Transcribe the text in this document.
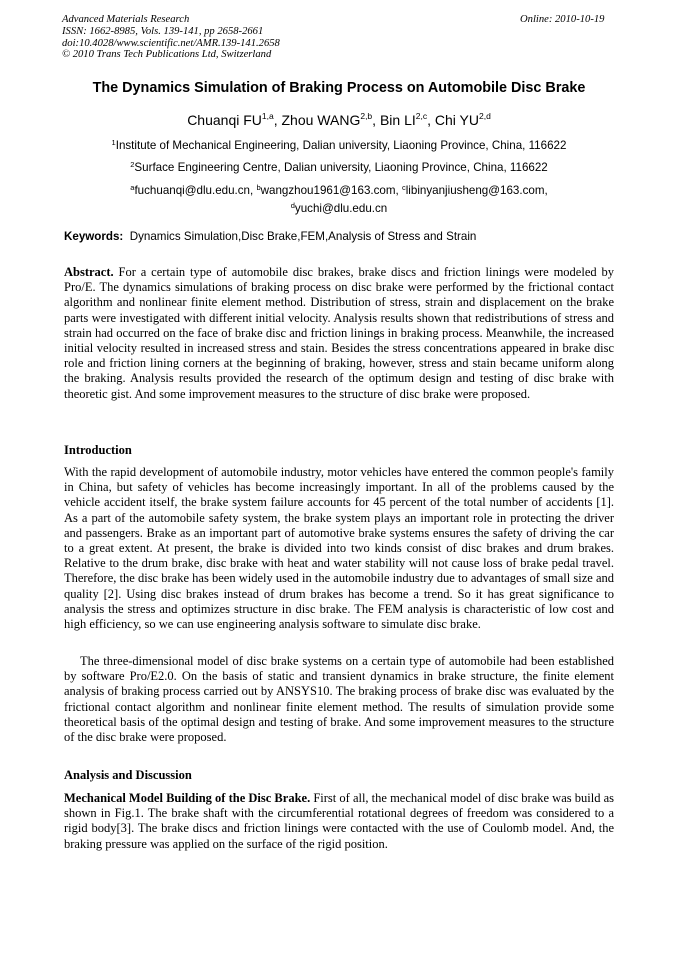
Advanced Materials Research
ISSN: 1662-8985, Vols. 139-141, pp 2658-2661
doi:10.4028/www.scientific.net/AMR.139-141.2658
© 2010 Trans Tech Publications Ltd, Switzerland
Online: 2010-10-19
The Dynamics Simulation of Braking Process on Automobile Disc Brake
Chuanqi FU$^{1,a}$, Zhou WANG$^{2,b}$, Bin LI$^{2,c}$, Chi YU$^{2,d}$
$^1$Institute of Mechanical Engineering, Dalian university, Liaoning Province, China, 116622
$^2$Surface Engineering Centre, Dalian university, Liaoning Province, China, 116622
$^a$fuchuanqi@dlu.edu.cn, $^b$wangzhou1961@163.com, $^c$libinyanjiusheng@163.com,
$^d$yuchi@dlu.edu.cn
Keywords: Dynamics Simulation,Disc Brake,FEM,Analysis of Stress and Strain
Abstract. For a certain type of automobile disc brakes, brake discs and friction linings were modeled by Pro/E. The dynamics simulations of braking process on disc brake were performed by the frictional contact algorithm and nonlinear finite element method. Distribution of stress, strain and displacement on the brake parts were investigated with different initial velocity. Analysis results shown that redistributions of stress and strain had occurred on the face of brake disc and friction linings in braking process. Meanwhile, the increased initial velocity resulted in increased stress and stain. Besides the stress concentrations appeared in brake disc role and friction lining corners at the beginning of braking, however, stress and stain became uniform along the braking. Analysis results provided the research of the optimum design and testing of disc brake with theoretic gist. And some improvement measures to the structure of disc brake were proposed.
Introduction
With the rapid development of automobile industry, motor vehicles have entered the common people's family in China, but safety of vehicles has become increasingly important. In all of the problems caused by the vehicle accident itself, the brake system failure accounts for 45 percent of the total number of accidents [1]. As a part of the automobile safety system, the brake system plays an important role in protecting the driver and passengers. Brake as an important part of automotive brake systems ensures the safety of driving the car to a great extent. At present, the brake is divided into two kinds consist of disc brakes and drum brakes. Relative to the drum brake, disc brake with heat and water stability will not cause loss of brake pedal travel. Therefore, the disc brake has been widely used in the automobile industry due to advantages of small size and quality [2]. Using disc brakes instead of drum brakes has become a trend. So it has great significance to analysis the stress and optimizes structure in disc brake. The FEM analysis is characteristic of low cost and high efficiency, so we can use engineering analysis software to simulate disc brake.
The three-dimensional model of disc brake systems on a certain type of automobile had been established by software Pro/E2.0. On the basis of static and transient dynamics in brake structure, the finite element analysis of braking process carried out by ANSYS10. The braking process of brake disc was evaluated by the frictional contact algorithm and nonlinear finite element method. The results of simulation provide some theoretical basis of the optimal design and testing of brake. And some improvement measures to the structure of the disc brake were proposed.
Analysis and Discussion
Mechanical Model Building of the Disc Brake. First of all, the mechanical model of disc brake was build as shown in Fig.1. The brake shaft with the circumferential rotational degrees of freedom was considered to a rigid body[3]. The brake discs and friction linings were contacted with the use of Coulomb model. And, the braking pressure was applied on the surface of the rigid position.
